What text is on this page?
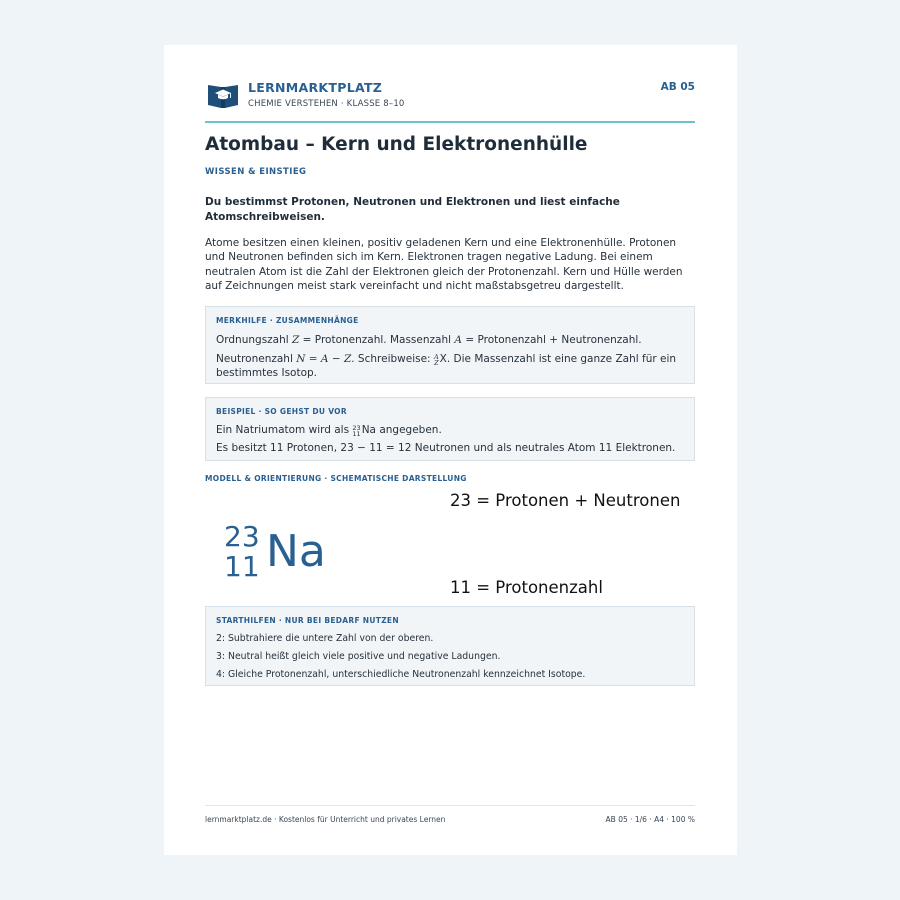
LERNMARKTPLATZ
CHEMIE VERSTEHEN · KLASSE 8–10
AB 05
Atombau – Kern und Elektronenhülle
WISSEN & EINSTIEG
Du bestimmst Protonen, Neutronen und Elektronen und liest einfache Atomschreibweisen.
Atome besitzen einen kleinen, positiv geladenen Kern und eine Elektronenhülle. Protonen und Neutronen befinden sich im Kern. Elektronen tragen negative Ladung. Bei einem neutralen Atom ist die Zahl der Elektronen gleich der Protonenzahl. Kern und Hülle werden auf Zeichnungen meist stark vereinfacht und nicht maßstabsgetreu dargestellt.
MERKHILFE · ZUSAMMENHÄNGE
Ordnungszahl Z = Protonenzahl. Massenzahl A = Protonenzahl + Neutronenzahl.
Neutronenzahl N = A − Z. Schreibweise: A
Z X. Die Massenzahl ist eine ganze Zahl für ein
bestimmtes Isotop.
BEISPIEL · SO GEHST DU VOR
Ein Natriumatom wird als 23
11 Na angegeben.
Es besitzt 11 Protonen, 23 − 11 = 12 Neutronen und als neutrales Atom 11 Elektronen.
MODELL & ORIENTIERUNG · SCHEMATISCHE DARSTELLUNG
23
11 Na
23 = Protonen + Neutronen
11 = Protonenzahl
STARTHILFEN · NUR BEI BEDARF NUTZEN
2: Subtrahiere die untere Zahl von der oberen.
3: Neutral heißt gleich viele positive und negative Ladungen.
4: Gleiche Protonenzahl, unterschiedliche Neutronenzahl kennzeichnet Isotope.
lernmarktplatz.de · Kostenlos für Unterricht und privates Lernen	AB 05 · 1/6 · A4 · 100 %
